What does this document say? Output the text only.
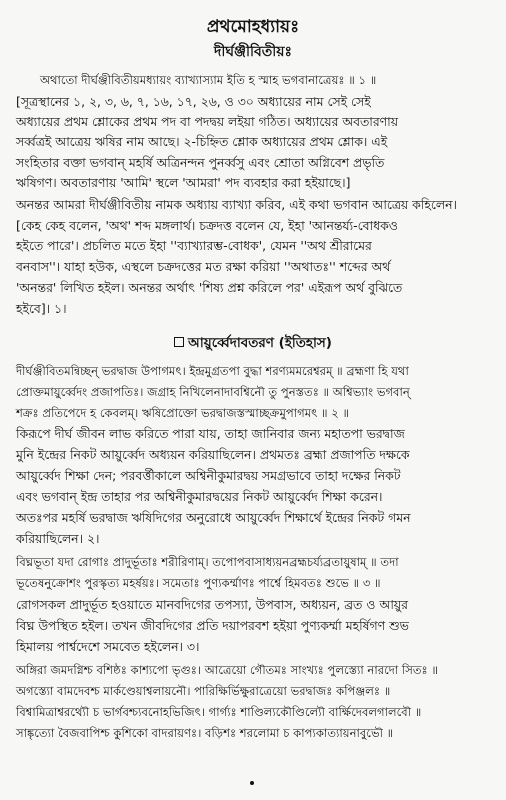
প্রথমোহধ্যায়ঃ
দীর্ঘঞ্জীবিতীয়ঃ
অথাতো দীর্ঘঞ্জীবিতীয়মধ্যায়ং ব্যাখ্যাস্যাম ইতি হ স্মাহ ভগবানাত্রেয়ঃ ॥ ১ ॥
[সূত্রস্থানের ১, ২, ৩, ৬, ৭, ১৬, ১৭, ২৬, ও ৩০ অধ্যায়ের নাম সেই সেই
অধ্যায়ের প্রথম শ্লোকের প্রথম পদ বা পদদ্বয় লইয়া গঠিত। অধ্যায়ের অবতারণায়
সর্ব্বত্রই আত্রেয় ঋষির নাম আছে। ২-চিহ্নিত শ্লোক অধ্যায়ের প্রথম শ্লোক। এই
সংহিতার বক্তা ভগবান্ মহর্ষি অত্রিনন্দন পুনর্ব্বসু এবং শ্রোতা অগ্নিবেশ প্রভৃতি
ঋষিগণ। অবতারণায় 'আমি' স্থলে 'আমরা' পদ ব্যবহার করা হইয়াছে।]
অনন্তর আমরা দীর্ঘঞ্জীবিতীয় নামক অধ্যায় ব্যাখ্যা করিব, এই কথা ভগবান আত্রেয় কহিলেন।
[কেহ কেহ বলেন, 'অথ' শব্দ মঙ্গলার্থ। চক্রদত্ত বলেন যে, ইহা 'আনন্তর্য্য-বোধকও
হইতে পারে'। প্রচলিত মতে ইহা ''ব্যাখ্যারম্ভ-বোধক', যেমন ''অথ শ্রীরামের
বনবাস''। যাহা হউক, এস্থলে চক্রদত্তের মত রক্ষা করিয়া ''অথাতঃ'' শব্দের অর্থ
'অনন্তর' লিখিত হইল। অনন্তর অর্থাৎ 'শিষ্য প্রশ্ন করিলে পর' এইরূপ অর্থ বুঝিতে
হইবে]। ১।
আয়ুর্ব্বেদাবতরণ (ইতিহাস)
দীর্ঘঞ্জীবিতমন্বিচ্ছন্ ভরদ্বাজ উপাগমৎ। ইন্দ্রমুগ্রতপা বুদ্ধা শরণ্যমমরেশ্বরম্ ॥ ব্রহ্মণা হি যথা
প্রোক্তমায়ুর্ব্বেদং প্রজাপতিঃ। জগ্রাহ নিখিলেনাদাবশ্বিনৌ তু পুনস্ততঃ ॥ অশ্বিভ্যাং ভগবান্
শক্রঃ প্রতিপেদে হ কেবলম্। ঋষিপ্রোক্তো ভরদ্বাজস্তস্মাচ্ছক্রমুপাগমৎ ॥ ২ ॥
কিরূপে দীর্ঘ জীবন লাভ করিতে পারা যায়, তাহা জানিবার জন্য মহাতপা ভরদ্বাজ
মুনি ইন্দ্রের নিকট আয়ুর্ব্বেদ অধ্যয়ন করিয়াছিলেন। প্রথমতঃ ব্রহ্মা প্রজাপতি দক্ষকে
আয়ুর্ব্বেদ শিক্ষা দেন; পরবর্ত্তীকালে অশ্বিনীকুমারদ্বয় সমগ্রভাবে তাহা দক্ষের নিকট
এবং ভগবান্ ইন্দ্র তাহার পর অশ্বিনীকুমারদ্বয়ের নিকট আয়ুর্ব্বেদ শিক্ষা করেন।
অতঃপর মহর্ষি ভরদ্বাজ ঋষিদিগের অনুরোধে আয়ুর্ব্বেদ শিক্ষার্থে ইন্দ্রের নিকট গমন
করিয়াছিলেন। ২।
বিঘ্নভূতা যদা রোগাঃ প্রাদুর্ভূতাঃ শরীরিণাম্। তপোপবাসাধ্যয়নব্রহ্মচর্য্যব্রতায়ুষাম্ ॥ তদা
ভূতেষনুক্রোশং পুরস্কৃত্য মহর্ষয়ঃ। সমেতাঃ পুণ্যকর্ম্মাণঃ পার্শ্বে হিমবতঃ শুভে ॥ ৩ ॥
রোগসকল প্রাদুর্ভূত হওয়াতে মানবদিগের তপস্যা, উপবাস, অধ্যয়ন, ব্রত ও আয়ুর
বিঘ্ন উপস্থিত হইল। তখন জীবদিগের প্রতি দয়াপরবশ হইয়া পুণ্যকর্ম্মা মহর্ষিগণ শুভ
হিমালয় পার্শ্বদেশে সমবেত হইলেন। ৩।
অঙ্গিরা জমদগ্নিশ্চ বশিষ্ঠঃ কাশ্যপো ভৃগুঃ। আত্রেয়ো গৌতমঃ সাংখ্যঃ পুলস্ত্যো নারদো সিতঃ ॥
অগস্ত্যো বামদেবশ্চ মার্কণ্ডেয়াশ্বলায়নৌ। পারিক্ষির্ভিক্ষুরাত্রেয়ো ভরদ্বাজঃ কপিঞ্জলঃ ॥
বিশ্বামিত্রাশ্বরথ্যৌ চ ভার্গবশ্চ্যবনোহভিজিৎ। গার্গ্যঃ শাণ্ডিল্যকৌণ্ডিল্যৌ বার্ক্ষিদেবলগালবৌ ॥
সাঙ্কৃত্যো বৈজবাপিশ্চ কুশিকো বাদরায়ণঃ। বড়িশঃ শরলোমা চ কাপ্যকাত্যায়নাবুভৌ ॥
